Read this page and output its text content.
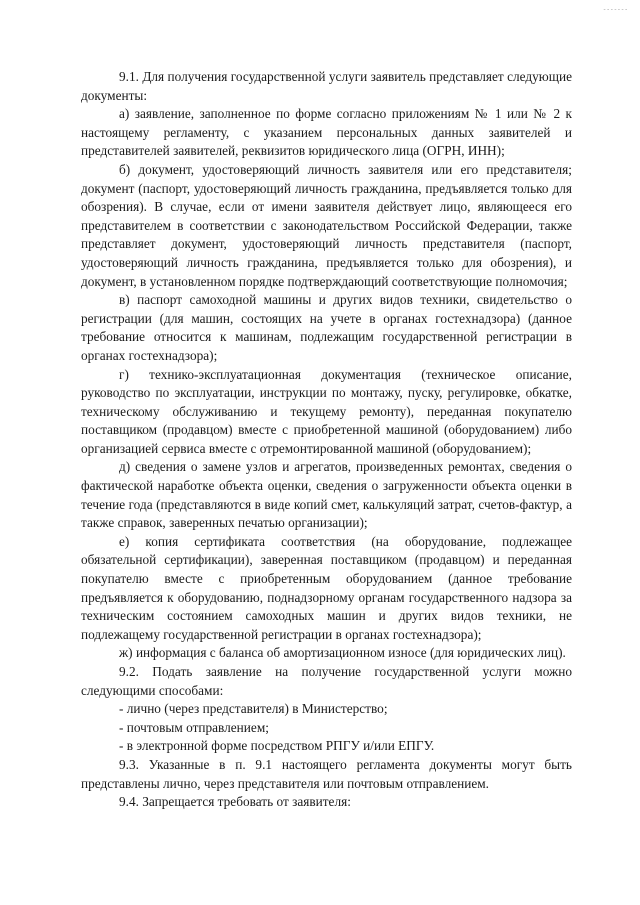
-------

9.1. Для получения государственной услуги заявитель представляет следующие документы:

а) заявление, заполненное по форме согласно приложениям № 1 или № 2 к настоящему регламенту, с указанием персональных данных заявителей и представителей заявителей, реквизитов юридического лица (ОГРН, ИНН);

б) документ, удостоверяющий личность заявителя или его представителя; документ (паспорт, удостоверяющий личность гражданина, предъявляется только для обозрения). В случае, если от имени заявителя действует лицо, являющееся его представителем в соответствии с законодательством Российской Федерации, также представляет документ, удостоверяющий личность представителя (паспорт, удостоверяющий личность гражданина, предъявляется только для обозрения), и документ, в установленном порядке подтверждающий соответствующие полномочия;

в) паспорт самоходной машины и других видов техники, свидетельство о регистрации (для машин, состоящих на учете в органах гостехнадзора) (данное требование относится к машинам, подлежащим государственной регистрации в органах гостехнадзора);

г) технико-эксплуатационная документация (техническое описание, руководство по эксплуатации, инструкции по монтажу, пуску, регулировке, обкатке, техническому обслуживанию и текущему ремонту), переданная покупателю поставщиком (продавцом) вместе с приобретенной машиной (оборудованием) либо организацией сервиса вместе с отремонтированной машиной (оборудованием);

д) сведения о замене узлов и агрегатов, произведенных ремонтах, сведения о фактической наработке объекта оценки, сведения о загруженности объекта оценки в течение года (представляются в виде копий смет, калькуляций затрат, счетов-фактур, а также справок, заверенных печатью организации);

е) копия сертификата соответствия (на оборудование, подлежащее обязательной сертификации), заверенная поставщиком (продавцом) и переданная покупателю вместе с приобретенным оборудованием (данное требование предъявляется к оборудованию, поднадзорному органам государственного надзора за техническим состоянием самоходных машин и других видов техники, не подлежащему государственной регистрации в органах гостехнадзора);

ж) информация с баланса об амортизационном износе (для юридических лиц).

9.2. Подать заявление на получение государственной услуги можно следующими способами:

- лично (через представителя) в Министерство;

- почтовым отправлением;

- в электронной форме посредством РПГУ и/или ЕПГУ.

9.3. Указанные в п. 9.1 настоящего регламента документы могут быть представлены лично, через представителя или почтовым отправлением.

9.4. Запрещается требовать от заявителя:
